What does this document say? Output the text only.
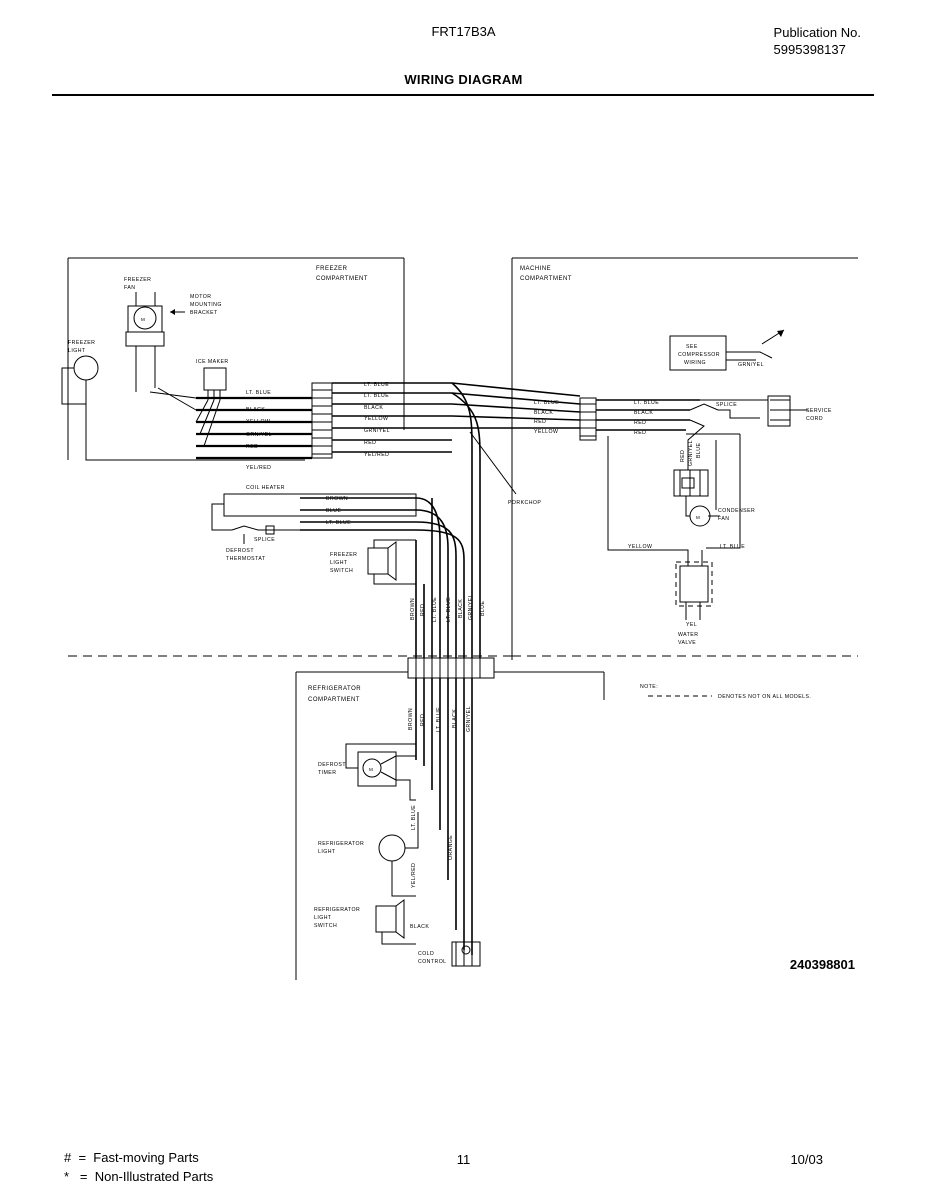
FRT17B3A	Publication No.
5995398137
WIRING DIAGRAM
240398801
#  =  Fast-moving Parts
*   =  Non-Illustrated Parts
11	10/03
FREEZER
COMPARTMENT
MACHINE
COMPARTMENT
REFRIGERATOR
COMPARTMENT
FREEZER
FAN
M
MOTOR
MOUNTING
BRACKET
FREEZER
LIGHT
ICE MAKER
LT. BLUE
BLACK
YELLOW
GRN/YEL
RED
YEL/RED
LT. BLUE
LT. BLUE
BLACK
YELLOW
GRN/YEL
RED
YEL/RED
PORKCHOP
LT. BLUE
BLACK
RED
YELLOW
LT. BLUE
BLACK
RED
RED
SEE
COMPRESSOR
WIRING	GRN/YEL
SPLICE
SERVICE
CORD
RED GRN/YEL BLUE
M
CONDENSER
FAN
YELLOW	LT. BLUE
YEL
WATER
VALVE
COIL HEATER
SPLICE
DEFROST
THERMOSTAT
BROWN
BLUE
LT. BLUE
FREEZER
LIGHT
SWITCH
BROWN RED LT. BLUE LT. BLUE BLACK GRN/YEL BLUE
BROWN RED LT. BLUE BLACK GRN/YEL
NOTE:
DENOTES NOT ON ALL MODELS.
DEFROST
TIMER
M
REFRIGERATOR
LIGHT
LT. BLUE
YEL/RED
REFRIGERATOR
LIGHT
SWITCH	BLACK
COLD
CONTROL
ORANGE
